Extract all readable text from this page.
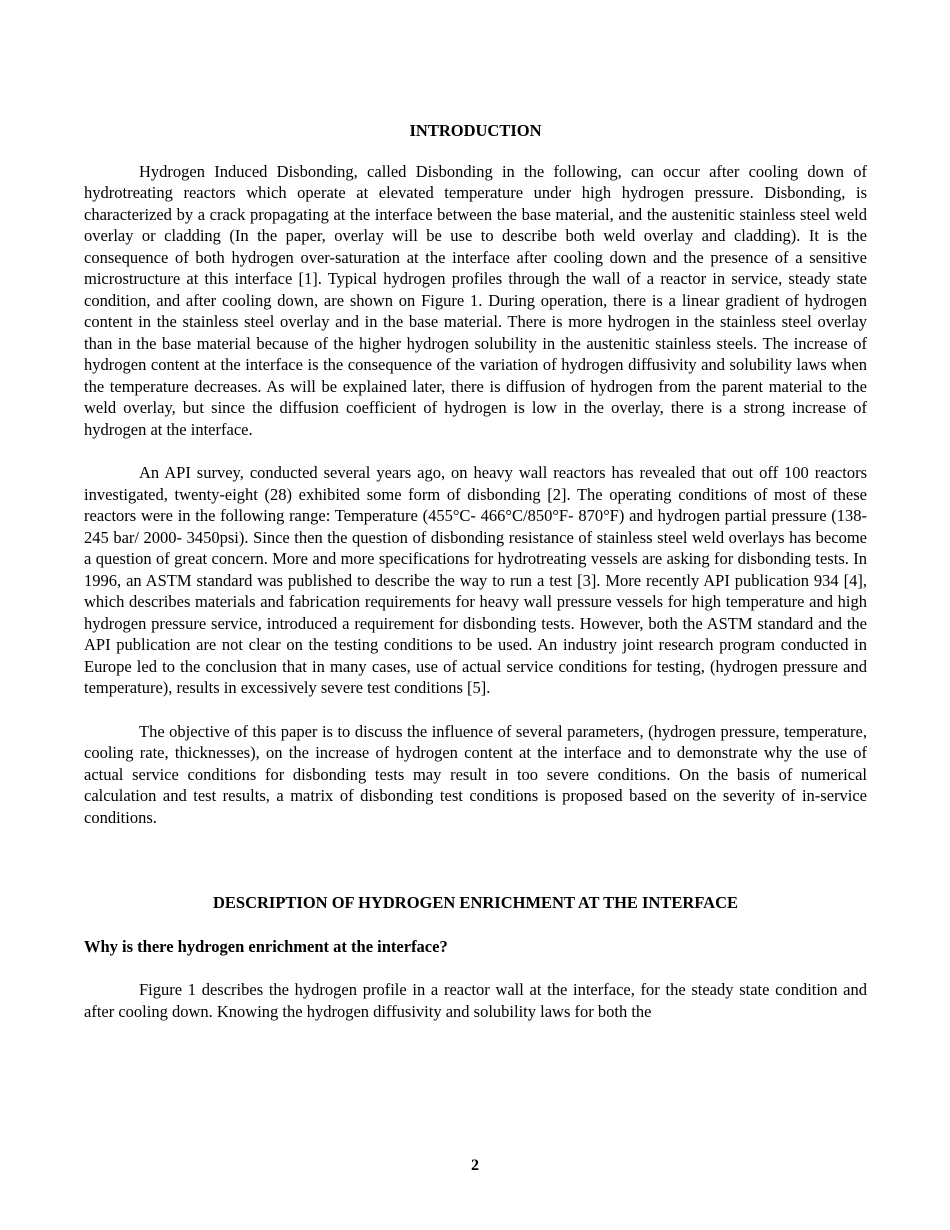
INTRODUCTION

Hydrogen Induced Disbonding, called Disbonding in the following, can occur after cooling down of hydrotreating reactors which operate at elevated temperature under high hydrogen pressure. Disbonding, is characterized by a crack propagating at the interface between the base material, and the austenitic stainless steel weld overlay or cladding (In the paper, overlay will be use to describe both weld overlay and cladding). It is the consequence of both hydrogen over-saturation at the interface after cooling down and the presence of a sensitive microstructure at this interface [1]. Typical hydrogen profiles through the wall of a reactor in service, steady state condition, and after cooling down, are shown on Figure 1. During operation, there is a linear gradient of hydrogen content in the stainless steel overlay and in the base material. There is more hydrogen in the stainless steel overlay than in the base material because of the higher hydrogen solubility in the austenitic stainless steels. The increase of hydrogen content at the interface is the consequence of the variation of hydrogen diffusivity and solubility laws when the temperature decreases. As will be explained later, there is diffusion of hydrogen from the parent material to the weld overlay, but since the diffusion coefficient of hydrogen is low in the overlay, there is a strong increase of hydrogen at the interface.

An API survey, conducted several years ago, on heavy wall reactors has revealed that out off 100 reactors investigated, twenty-eight (28) exhibited some form of disbonding [2]. The operating conditions of most of these reactors were in the following range: Temperature (455°C- 466°C/850°F- 870°F) and hydrogen partial pressure (138- 245 bar/ 2000- 3450psi). Since then the question of disbonding resistance of stainless steel weld overlays has become a question of great concern. More and more specifications for hydrotreating vessels are asking for disbonding tests. In 1996, an ASTM standard was published to describe the way to run a test [3]. More recently API publication 934 [4], which describes materials and fabrication requirements for heavy wall pressure vessels for high temperature and high hydrogen pressure service, introduced a requirement for disbonding tests. However, both the ASTM standard and the API publication are not clear on the testing conditions to be used. An industry joint research program conducted in Europe led to the conclusion that in many cases, use of actual service conditions for testing, (hydrogen pressure and temperature), results in excessively severe test conditions [5].

The objective of this paper is to discuss the influence of several parameters, (hydrogen pressure, temperature, cooling rate, thicknesses), on the increase of hydrogen content at the interface and to demonstrate why the use of actual service conditions for disbonding tests may result in too severe conditions. On the basis of numerical calculation and test results, a matrix of disbonding test conditions is proposed based on the severity of in-service conditions.

DESCRIPTION OF HYDROGEN ENRICHMENT AT THE INTERFACE

Why is there hydrogen enrichment at the interface?

Figure 1 describes the hydrogen profile in a reactor wall at the interface, for the steady state condition and after cooling down. Knowing the hydrogen diffusivity and solubility laws for both the

2
